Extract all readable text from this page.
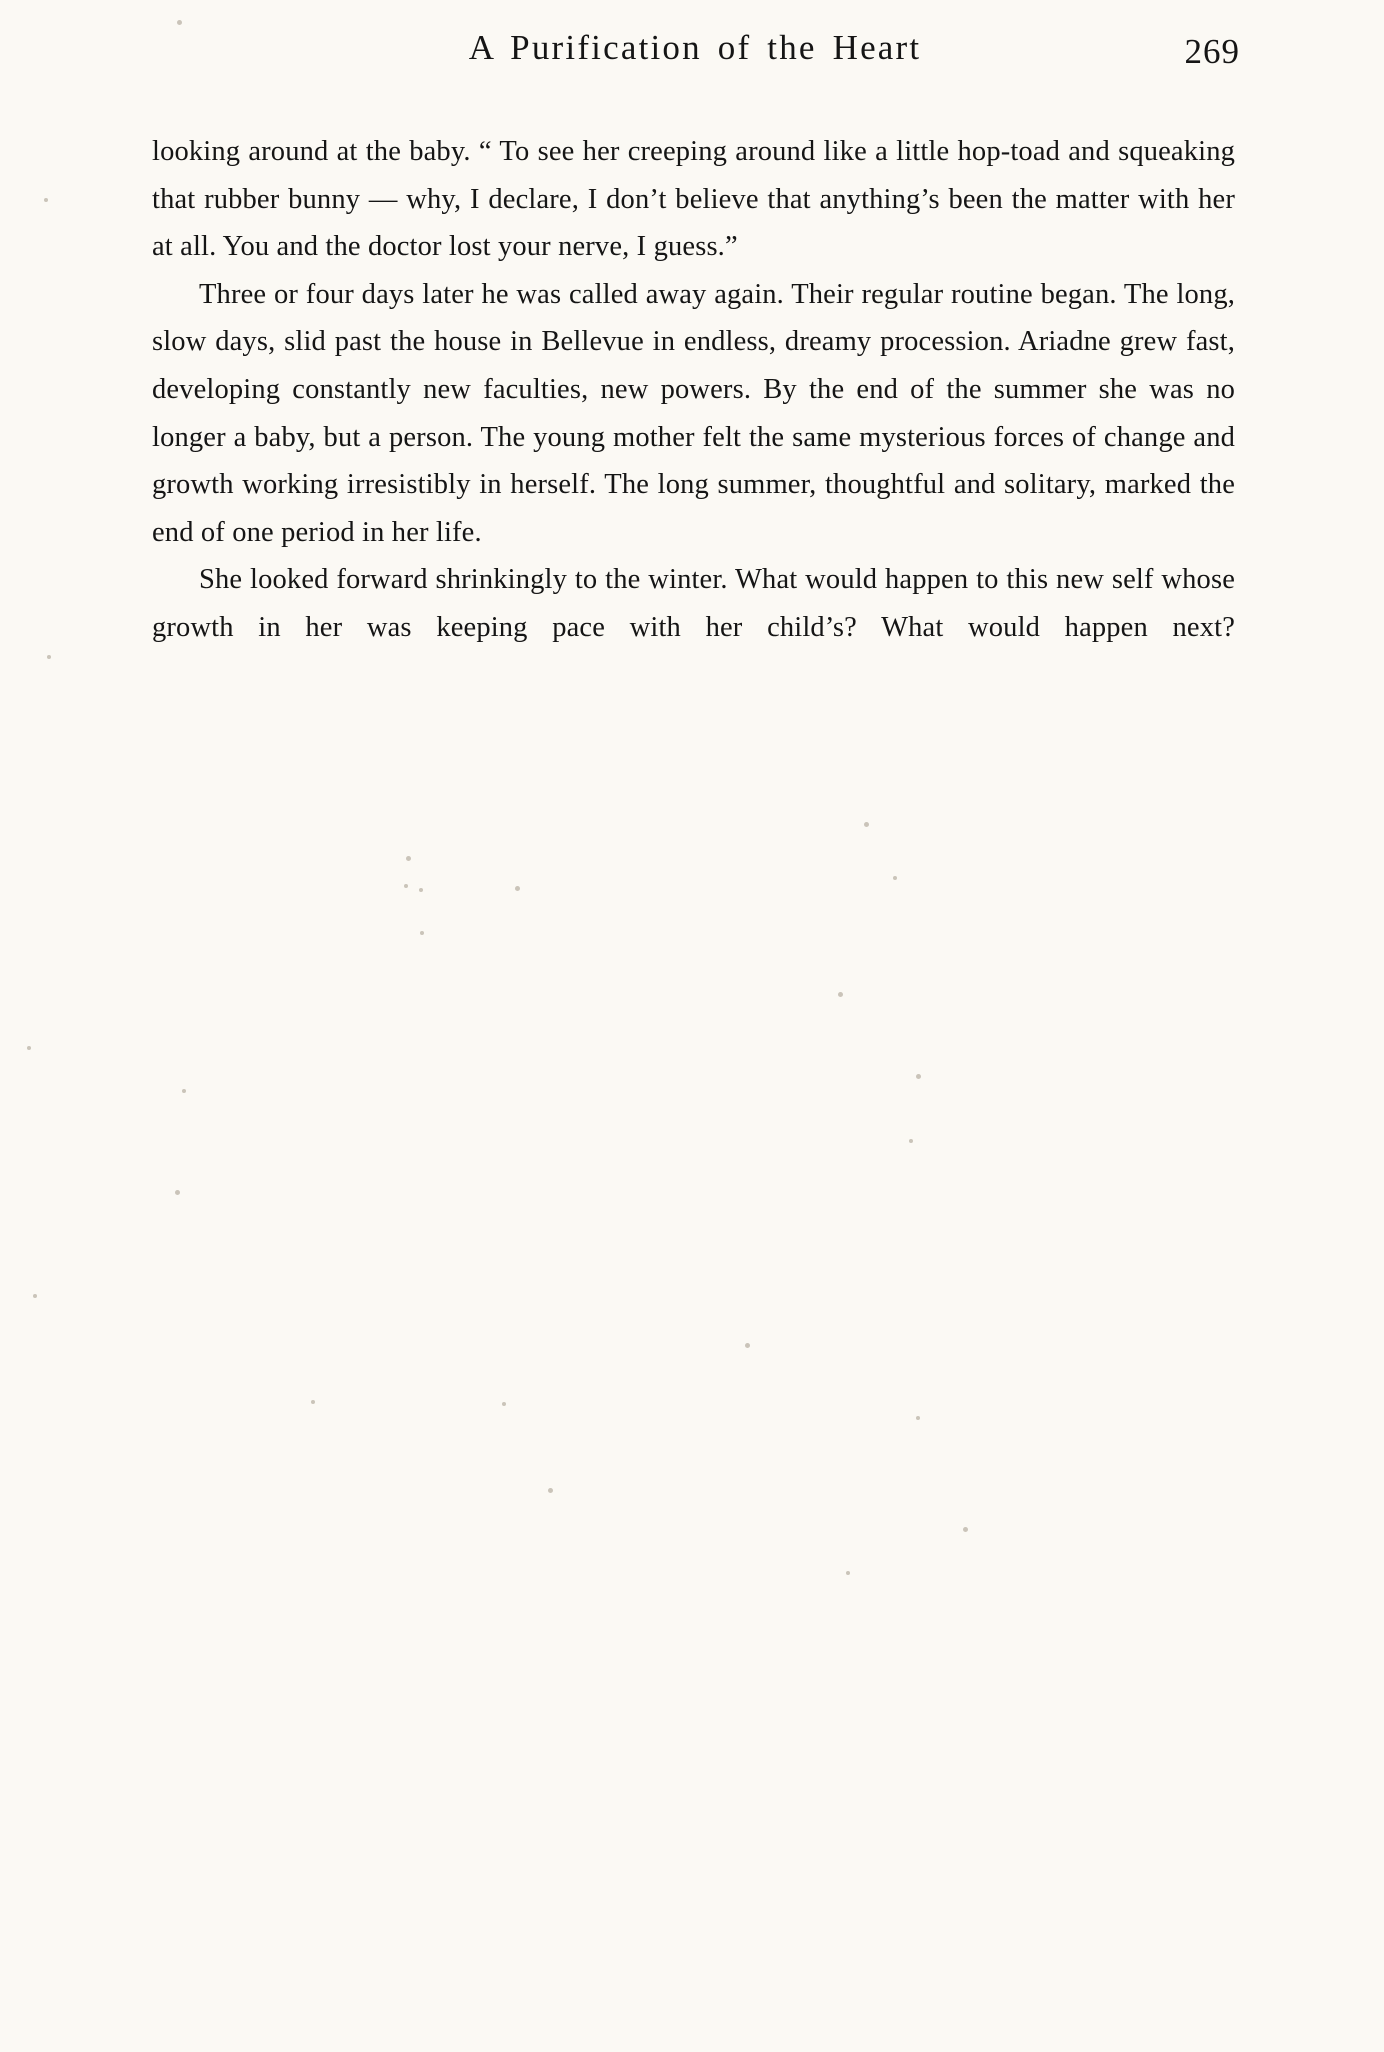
A Purification of the Heart	269

looking around at the baby. “ To see her creeping around like a little hop-toad and squeaking that rubber bunny — why, I declare, I don’t believe that anything’s been the matter with her at all. You and the doctor lost your nerve, I guess.”

Three or four days later he was called away again. Their regular routine began. The long, slow days, slid past the house in Bellevue in endless, dreamy procession. Ariadne grew fast, developing constantly new faculties, new powers. By the end of the summer she was no longer a baby, but a person. The young mother felt the same mysterious forces of change and growth working irresistibly in herself. The long summer, thoughtful and solitary, marked the end of one period in her life.

She looked forward shrinkingly to the winter. What would happen to this new self whose growth in her was keeping pace with her child’s? What would happen next?
